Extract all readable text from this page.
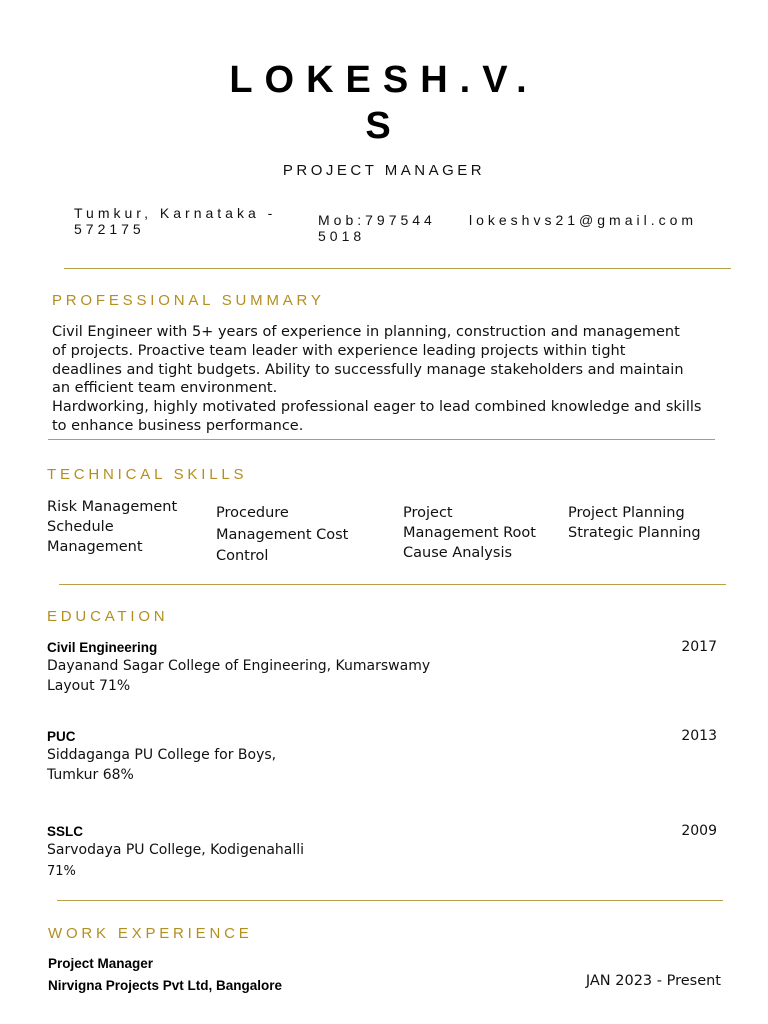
LOKESH.V.
S
PROJECT MANAGER
Tumkur, Karnataka -
572175
Mob:797544
5018
lokeshvs21@gmail.com
PROFESSIONAL SUMMARY
Civil Engineer with 5+ years of experience in planning, construction and management
of projects. Proactive team leader with experience leading projects within tight
deadlines and tight budgets. Ability to successfully manage stakeholders and maintain
an efficient team environment.
Hardworking, highly motivated professional eager to lead combined knowledge and skills
to enhance business performance.
TECHNICAL SKILLS
Risk Management
Schedule
Management
Procedure
Management Cost
Control
Project
Management Root
Cause Analysis
Project Planning
Strategic Planning
EDUCATION
Civil Engineering
Dayanand Sagar College of Engineering, Kumarswamy
Layout 71%
2017
PUC
Siddaganga PU College for Boys,
Tumkur 68%
2013
SSLC
Sarvodaya PU College, Kodigenahalli
71%
2009
WORK EXPERIENCE
Project Manager
Nirvigna Projects Pvt Ltd, Bangalore	JAN 2023 - Present
